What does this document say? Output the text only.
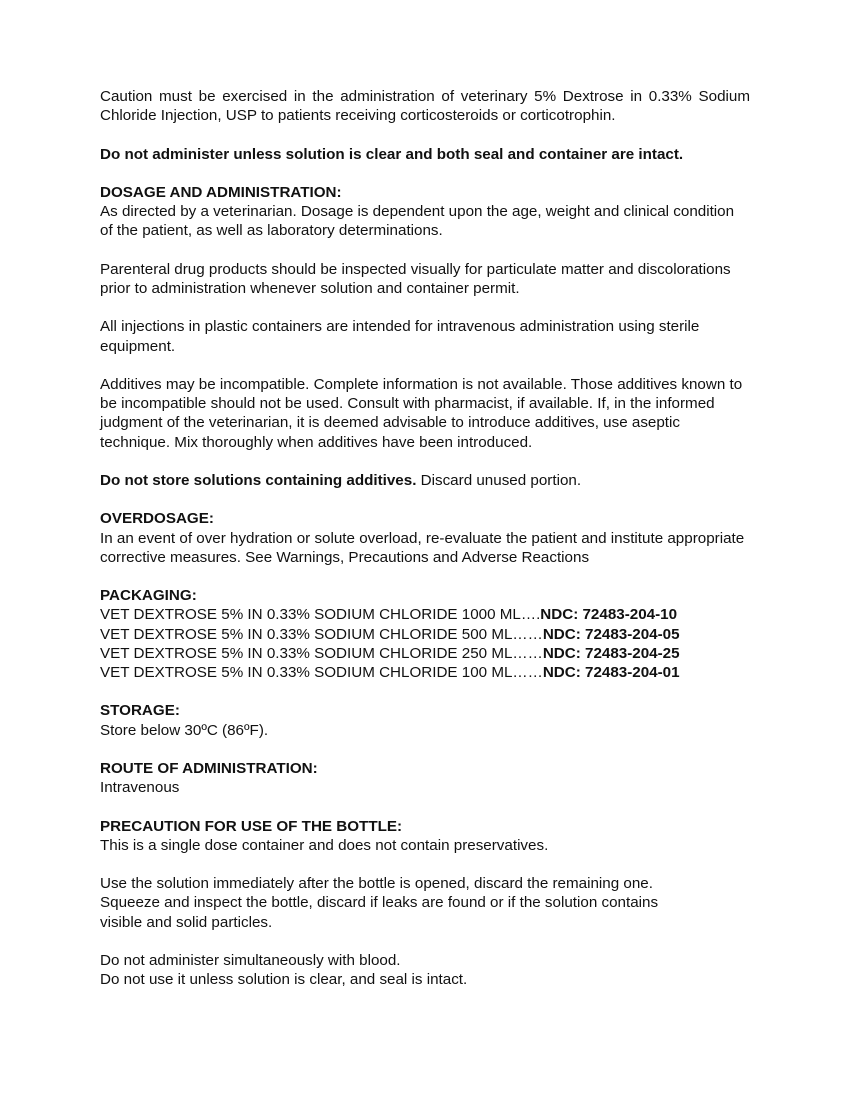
Caution must be exercised in the administration of veterinary 5% Dextrose in 0.33% Sodium Chloride Injection, USP to patients receiving corticosteroids or corticotrophin.

Do not administer unless solution is clear and both seal and container are intact.

DOSAGE AND ADMINISTRATION:
As directed by a veterinarian. Dosage is dependent upon the age, weight and clinical condition of the patient, as well as laboratory determinations.

Parenteral drug products should be inspected visually for particulate matter and discolorations prior to administration whenever solution and container permit.

All injections in plastic containers are intended for intravenous administration using sterile equipment.

Additives may be incompatible. Complete information is not available. Those additives known to be incompatible should not be used. Consult with pharmacist, if available. If, in the informed judgment of the veterinarian, it is deemed advisable to introduce additives, use aseptic technique. Mix thoroughly when additives have been introduced.

Do not store solutions containing additives. Discard unused portion.

OVERDOSAGE:
In an event of over hydration or solute overload, re-evaluate the patient and institute appropriate corrective measures. See Warnings, Precautions and Adverse Reactions
PACKAGING:
VET DEXTROSE 5% IN 0.33% SODIUM CHLORIDE 1000 ML….NDC: 72483-204-10
VET DEXTROSE 5% IN 0.33% SODIUM CHLORIDE 500 ML……NDC: 72483-204-05
VET DEXTROSE 5% IN 0.33% SODIUM CHLORIDE 250 ML……NDC: 72483-204-25
VET DEXTROSE 5% IN 0.33% SODIUM CHLORIDE 100 ML……NDC: 72483-204-01
STORAGE:
Store below 30ºC (86ºF).
ROUTE OF ADMINISTRATION:
Intravenous
PRECAUTION FOR USE OF THE BOTTLE:
This is a single dose container and does not contain preservatives.
Use the solution immediately after the bottle is opened, discard the remaining one.
Squeeze and inspect the bottle, discard if leaks are found or if the solution contains
visible and solid particles.
Do not administer simultaneously with blood.
Do not use it unless solution is clear, and seal is intact.
